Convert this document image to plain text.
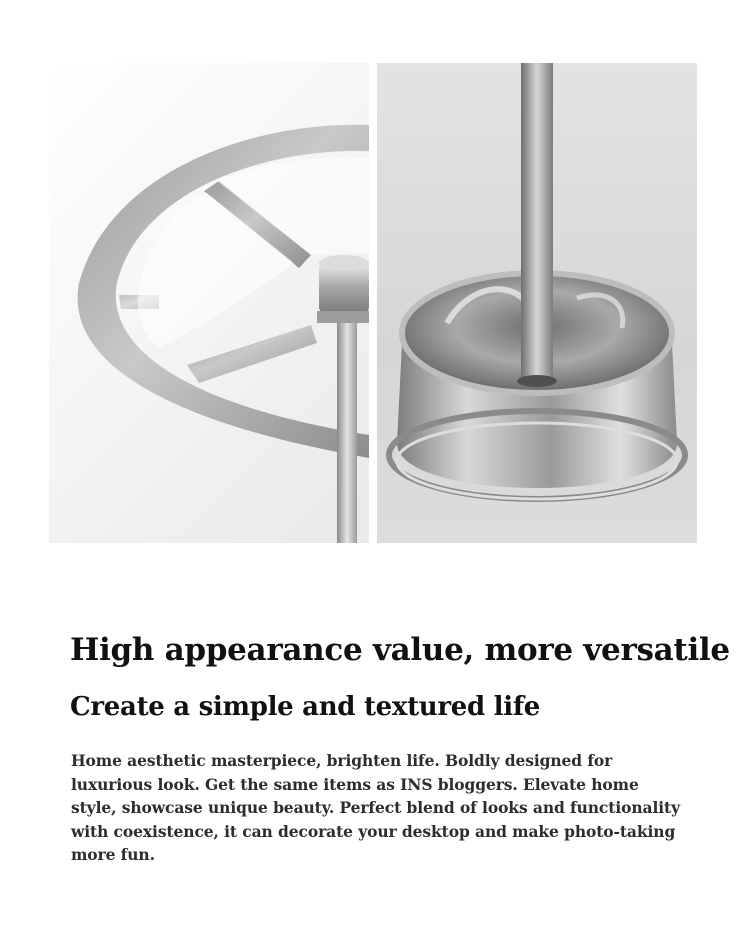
High appearance value, more versatile
Create a simple and textured life

Home aesthetic masterpiece, brighten life. Boldly designed for luxurious look. Get the same items as INS bloggers. Elevate home style, showcase unique beauty. Perfect blend of looks and functionality with coexistence, it can decorate your desktop and make photo-taking more fun.
